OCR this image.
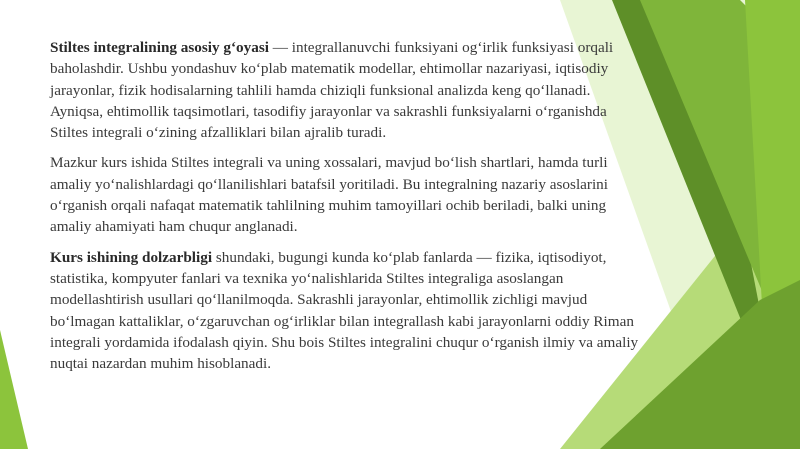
Stiltes integralining asosiy g‘oyasi — integrallanuvchi funksiyani og‘irlik funksiyasi orqali baholashdir. Ushbu yondashuv ko‘plab matematik modellar, ehtimollar nazariyasi, iqtisodiy jarayonlar, fizik hodisalarning tahlili hamda chiziqli funksional analizda keng qo‘llanadi. Ayniqsa, ehtimollik taqsimotlari, tasodifiy jarayonlar va sakrashli funksiyalarni o‘rganishda Stiltes integrali o‘zining afzalliklari bilan ajralib turadi.

Mazkur kurs ishida Stiltes integrali va uning xossalari, mavjud bo‘lish shartlari, hamda turli amaliy yo‘nalishlardagi qo‘llanilishlari batafsil yoritiladi. Bu integralning nazariy asoslarini o‘rganish orqali nafaqat matematik tahlilning muhim tamoyillari ochib beriladi, balki uning amaliy ahamiyati ham chuqur anglanadi.

Kurs ishining dolzarbligi shundaki, bugungi kunda ko‘plab fanlarda — fizika, iqtisodiyot, statistika, kompyuter fanlari va texnika yo‘nalishlarida Stiltes integraliga asoslangan modellashtirish usullari qo‘llanilmoqda. Sakrashli jarayonlar, ehtimollik zichligi mavjud bo‘lmagan kattaliklar, o‘zgaruvchan og‘irliklar bilan integrallash kabi jarayonlarni oddiy Riman integrali yordamida ifodalash qiyin. Shu bois Stiltes integralini chuqur o‘rganish ilmiy va amaliy nuqtai nazardan muhim hisoblanadi.
